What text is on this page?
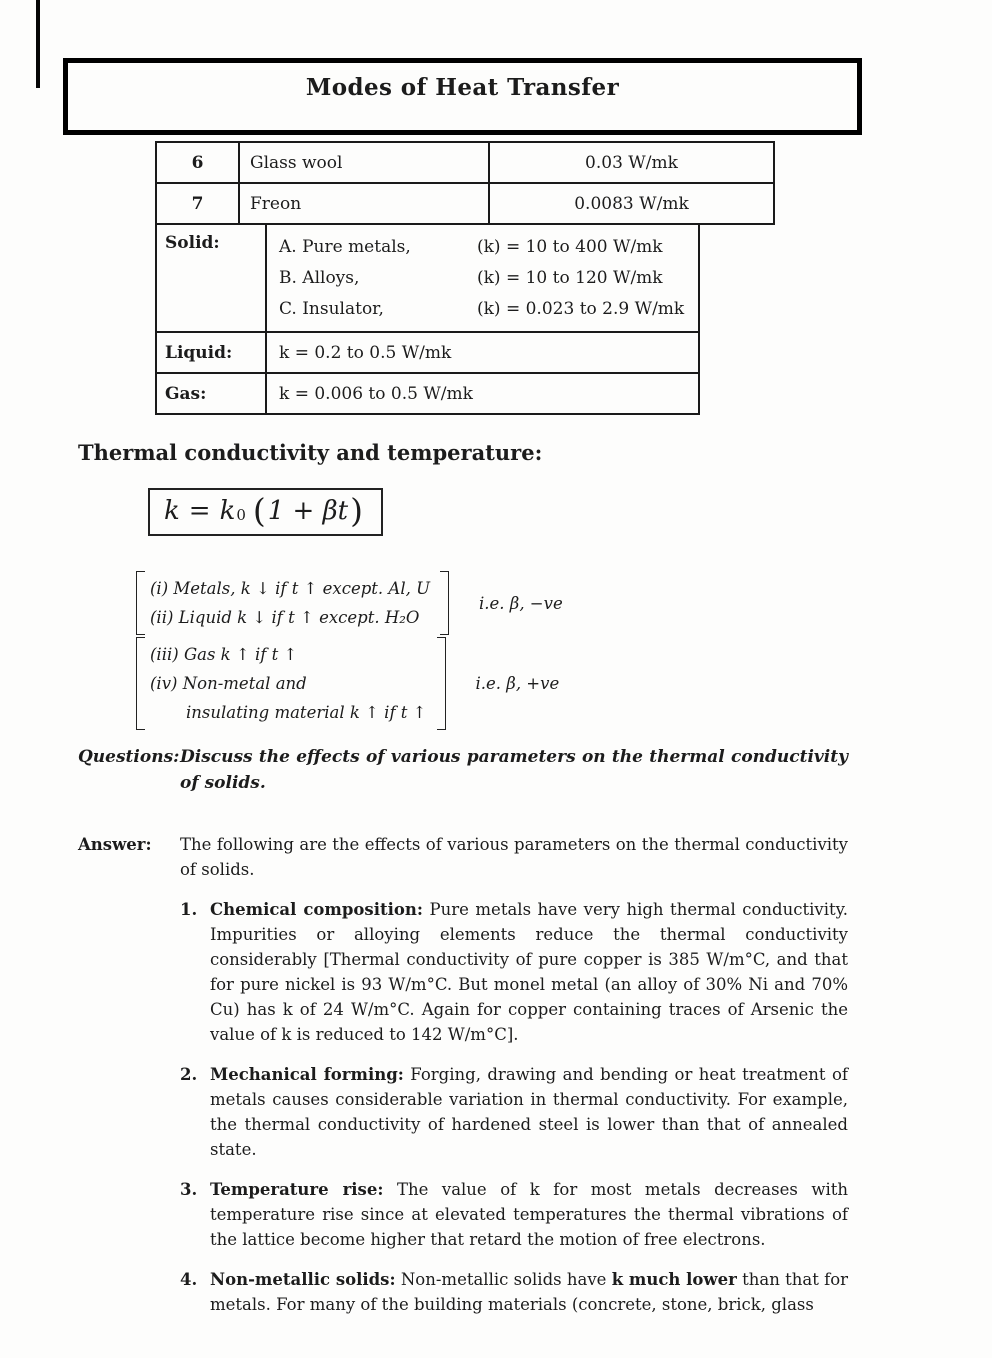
Modes of Heat Transfer
6	Glass wool	0.03 W/mk
7	Freon	0.0083 W/mk
Solid:	A. Pure metals,	(k) = 10 to 400 W/mk
B. Alloys,	(k) = 10 to 120 W/mk
C. Insulator,	(k) = 0.023 to 2.9 W/mk
Liquid:	k = 0.2 to 0.5 W/mk
Gas:	k = 0.006 to 0.5 W/mk
Thermal conductivity and temperature:
k = k 0 ( 1 + βt )
(i) Metals, k ↓ if t ↑ except. Al, U
(ii) Liquid k ↓ if t ↑ except. H₂O
i.e. β, −ve
(iii) Gas k ↑ if t ↑
(iv) Non-metal and
insulating material k ↑ if t ↑
i.e. β, +ve
Questions: Discuss the effects of various parameters on the thermal conductivity of solids.
Answer:	The following are the effects of various parameters on the thermal conductivity of solids.
1. Chemical composition: Pure metals have very high thermal conductivity. Impurities or alloying elements reduce the thermal conductivity considerably [Thermal conductivity of pure copper is 385 W/m°C, and that for pure nickel is 93 W/m°C. But monel metal (an alloy of 30% Ni and 70% Cu) has k of 24 W/m°C. Again for copper containing traces of Arsenic the value of k is reduced to 142 W/m°C].
2. Mechanical forming: Forging, drawing and bending or heat treatment of metals causes considerable variation in thermal conductivity. For example, the thermal conductivity of hardened steel is lower than that of annealed state.
3. Temperature rise: The value of k for most metals decreases with temperature rise since at elevated temperatures the thermal vibrations of the lattice become higher that retard the motion of free electrons.
4. Non-metallic solids: Non-metallic solids have k much lower than that for metals. For many of the building materials (concrete, stone, brick, glass
